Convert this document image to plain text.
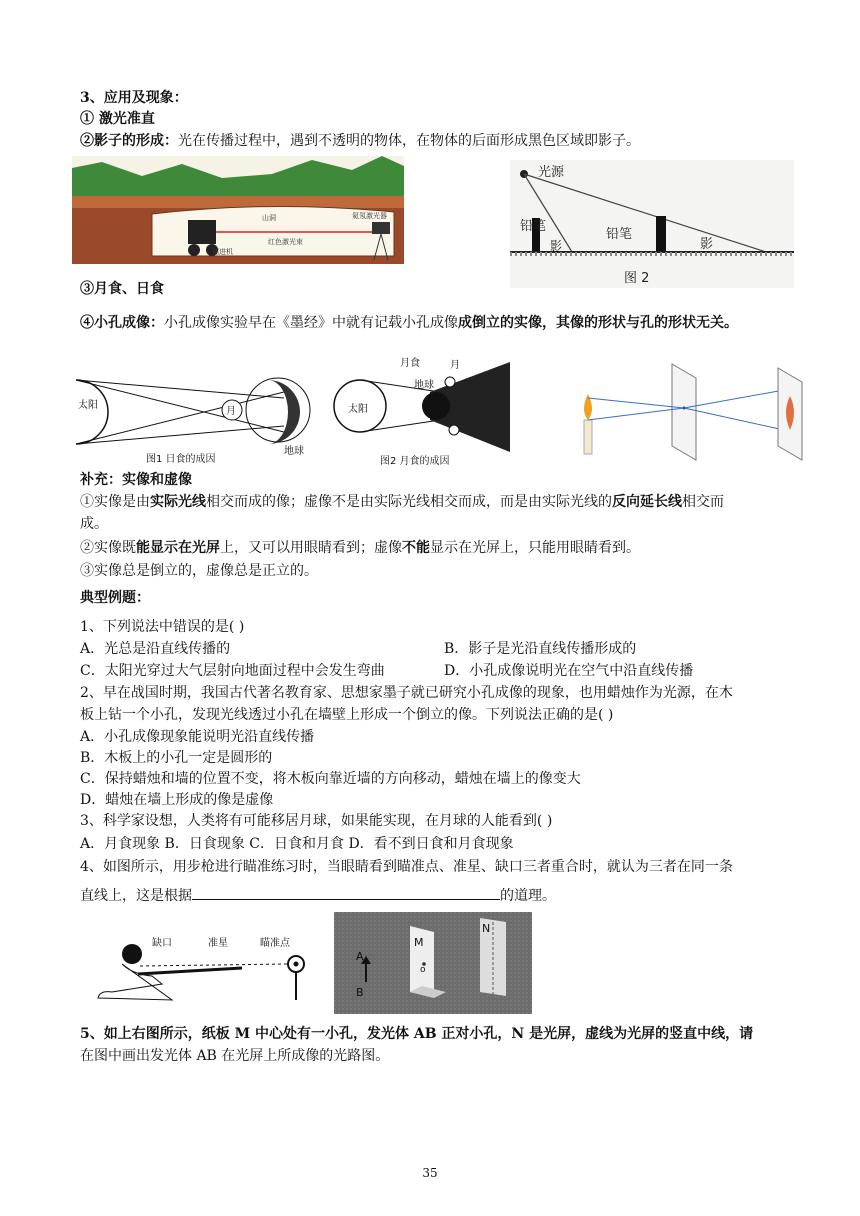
3、应用及现象：
① 激光准直
②影子的形成：光在传播过程中，遇到不透明的物体，在物体的后面形成黑色区域即影子。
山洞	氦氖激光器
红色激光束
掘进机
光源
铅笔
影
铅笔
影
图 2
③月食、日食
④小孔成像：小孔成像实验早在《墨经》中就有记载小孔成像成倒立的实像，其像的形状与孔的形状无关。
太阳
月
地球
图1 日食的成因
太阳
月食	月
地球
图2 月食的成因
补充：实像和虚像
①实像是由实际光线相交而成的像；虚像不是由实际光线相交而成，而是由实际光线的反向延长线相交而
成。
②实像既能显示在光屏上，又可以用眼睛看到；虚像不能显示在光屏上，只能用眼睛看到。
③实像总是倒立的，虚像总是正立的。
典型例题：
1、下列说法中错误的是( )
A．光总是沿直线传播的	B．影子是光沿直线传播形成的
C．太阳光穿过大气层射向地面过程中会发生弯曲	D．小孔成像说明光在空气中沿直线传播
2、早在战国时期，我国古代著名教育家、思想家墨子就已研究小孔成像的现象，也用蜡烛作为光源，在木
板上钻一个小孔，发现光线透过小孔在墙壁上形成一个倒立的像。下列说法正确的是( )
A．小孔成像现象能说明光沿直线传播
B．木板上的小孔一定是圆形的
C．保持蜡烛和墙的位置不变，将木板向靠近墙的方向移动，蜡烛在墙上的像变大
D．蜡烛在墙上形成的像是虚像
3、科学家设想，人类将有可能移居月球，如果能实现，在月球的人能看到( )
A．月食现象 B．日食现象 C．日食和月食 D．看不到日食和月食现象
4、如图所示，用步枪进行瞄准练习时，当眼睛看到瞄准点、准星、缺口三者重合时，就认为三者在同一条
直线上，这是根据	的道理。
缺口	准星	瞄准点	M
N
A
B
o
5、如上右图所示，纸板 M 中心处有一小孔，发光体 AB 正对小孔，N 是光屏，虚线为光屏的竖直中线，请
在图中画出发光体 AB 在光屏上所成像的光路图。
35
